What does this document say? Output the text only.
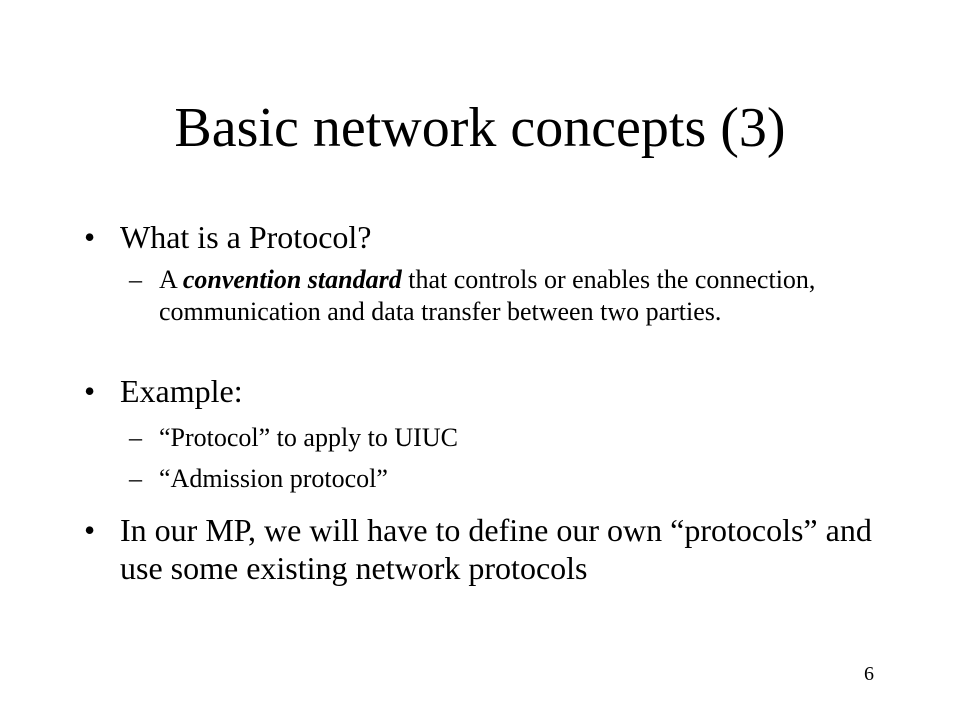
Basic network concepts (3)
• What is a Protocol?
– A convention standard that controls or enables the connection, communication and data transfer between two parties.
• Example:
– “Protocol” to apply to UIUC
– “Admission protocol”
• In our MP, we will have to define our own “protocols” and use some existing network protocols
6
